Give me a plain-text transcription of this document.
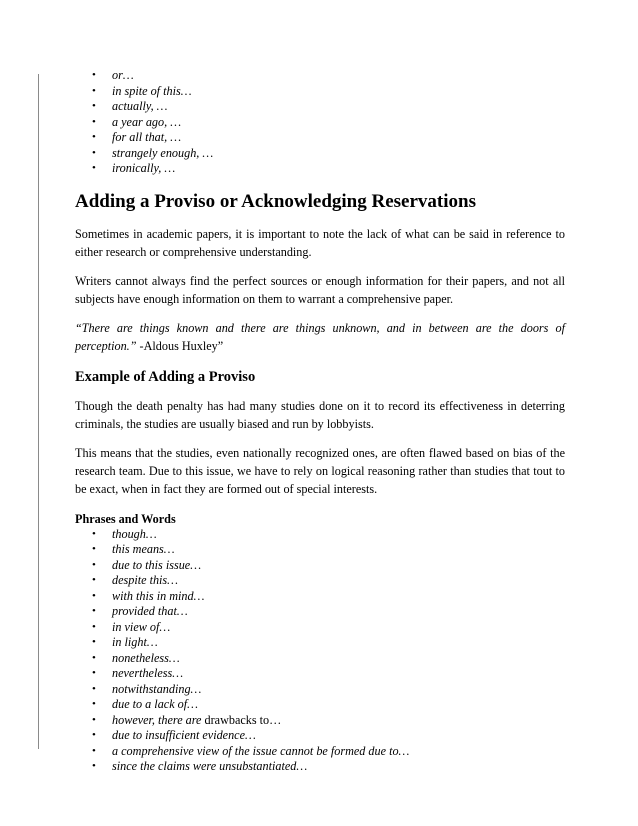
• or…
• in spite of this…
• actually, …
• a year ago, …
• for all that, …
• strangely enough, …
• ironically, …
Adding a Proviso or Acknowledging Reservations

Sometimes in academic papers, it is important to note the lack of what can be said in reference to either research or comprehensive understanding.

Writers cannot always find the perfect sources or enough information for their papers, and not all subjects have enough information on them to warrant a comprehensive paper.

“There are things known and there are things unknown, and in between are the doors of perception.” -Aldous Huxley”

Example of Adding a Proviso

Though the death penalty has had many studies done on it to record its effectiveness in deterring criminals, the studies are usually biased and run by lobbyists.

This means that the studies, even nationally recognized ones, are often flawed based on bias of the research team. Due to this issue, we have to rely on logical reasoning rather than studies that tout to be exact, when in fact they are formed out of special interests.

Phrases and Words
• though…
• this means…
• due to this issue…
• despite this…
• with this in mind…
• provided that…
• in view of…
• in light…
• nonetheless…
• nevertheless…
• notwithstanding…
• due to a lack of…
• however, there are drawbacks to…
• due to insufficient evidence…
• a comprehensive view of the issue cannot be formed due to…
• since the claims were unsubstantiated…
